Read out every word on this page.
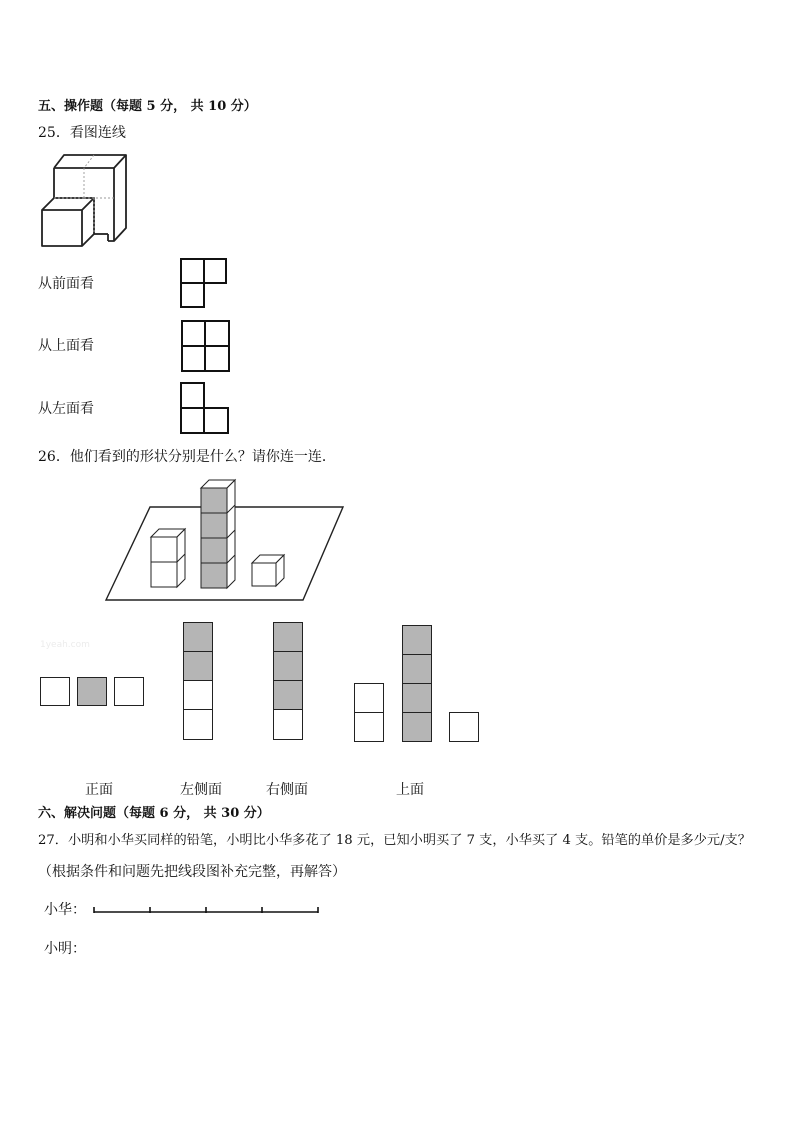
五、操作题（每题 5 分， 共 10 分）
25．看图连线
从前面看
从上面看
从左面看
26．他们看到的形状分别是什么？请你连一连．
1yeah.com
正面	左侧面	右侧面	上面
六、解决问题（每题 6 分， 共 30 分）
27．小明和小华买同样的铅笔，小明比小华多花了 18 元，已知小明买了 7 支，小华买了 4 支。铅笔的单价是多少元/支？
（根据条件和问题先把线段图补充完整，再解答）
小华：
小明：
